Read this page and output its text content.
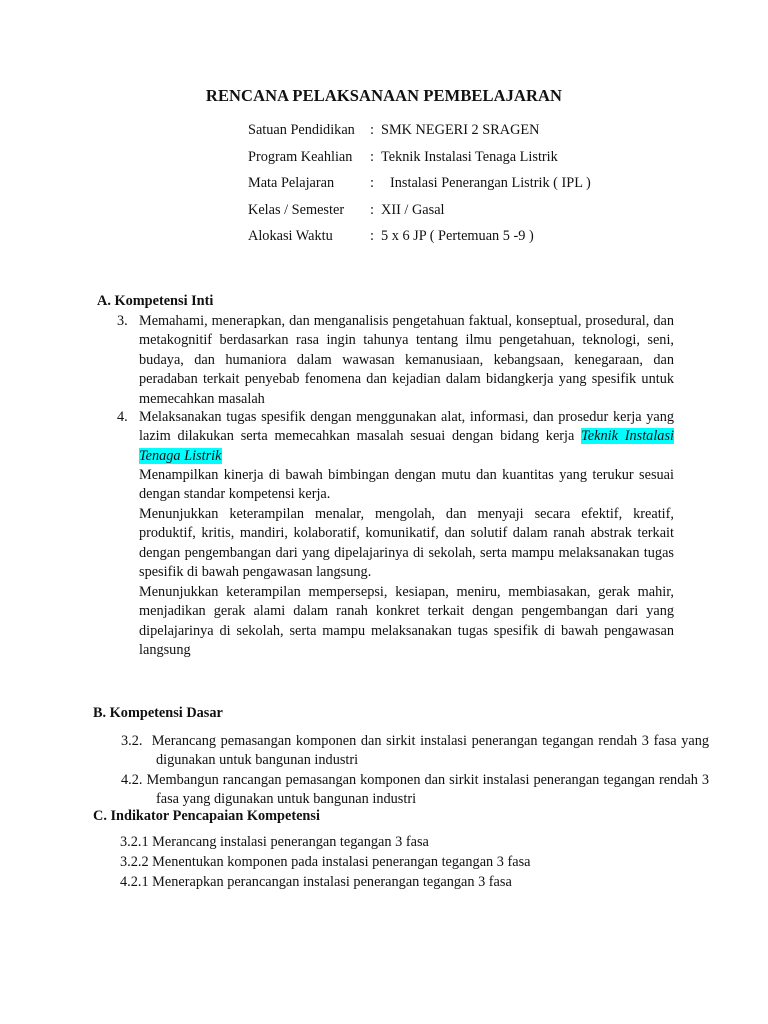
RENCANA PELAKSANAAN PEMBELAJARAN
Satuan Pendidikan : SMK NEGERI 2 SRAGEN
Program Keahlian : Teknik Instalasi Tenaga Listrik
Mata Pelajaran	: Instalasi Penerangan Listrik ( IPL )
Kelas / Semester : XII / Gasal
Alokasi Waktu	: 5 x 6 JP ( Pertemuan 5 -9 )
A. Kompetensi Inti
3. Memahami, menerapkan, dan menganalisis pengetahuan faktual, konseptual, prosedural, dan metakognitif berdasarkan rasa ingin tahunya tentang ilmu pengetahuan, teknologi, seni, budaya, dan humaniora dalam wawasan kemanusiaan, kebangsaan, kenegaraan, dan peradaban terkait penyebab fenomena dan kejadian dalam bidangkerja yang spesifik untuk memecahkan masalah
4. Melaksanakan tugas spesifik dengan menggunakan alat, informasi, dan prosedur kerja yang lazim dilakukan serta memecahkan masalah sesuai dengan bidang kerja Teknik Instalasi Tenaga Listrik
Menampilkan kinerja di bawah bimbingan dengan mutu dan kuantitas yang terukur sesuai dengan standar kompetensi kerja.
Menunjukkan keterampilan menalar, mengolah, dan menyaji secara efektif, kreatif, produktif, kritis, mandiri, kolaboratif, komunikatif, dan solutif dalam ranah abstrak terkait dengan pengembangan dari yang dipelajarinya di sekolah, serta mampu melaksanakan tugas spesifik di bawah pengawasan langsung.
Menunjukkan keterampilan mempersepsi, kesiapan, meniru, membiasakan, gerak mahir, menjadikan gerak alami dalam ranah konkret terkait dengan pengembangan dari yang dipelajarinya di sekolah, serta mampu melaksanakan tugas spesifik di bawah pengawasan langsung
B. Kompetensi Dasar
3.2. Merancang pemasangan komponen dan sirkit instalasi penerangan tegangan rendah 3 fasa yang digunakan untuk bangunan industri
4.2. Membangun rancangan pemasangan komponen dan sirkit instalasi penerangan tegangan rendah 3 fasa yang digunakan untuk bangunan industri
C. Indikator Pencapaian Kompetensi
3.2.1 Merancang instalasi penerangan tegangan 3 fasa
3.2.2 Menentukan komponen pada instalasi penerangan tegangan 3 fasa
4.2.1 Menerapkan perancangan instalasi penerangan tegangan 3 fasa
